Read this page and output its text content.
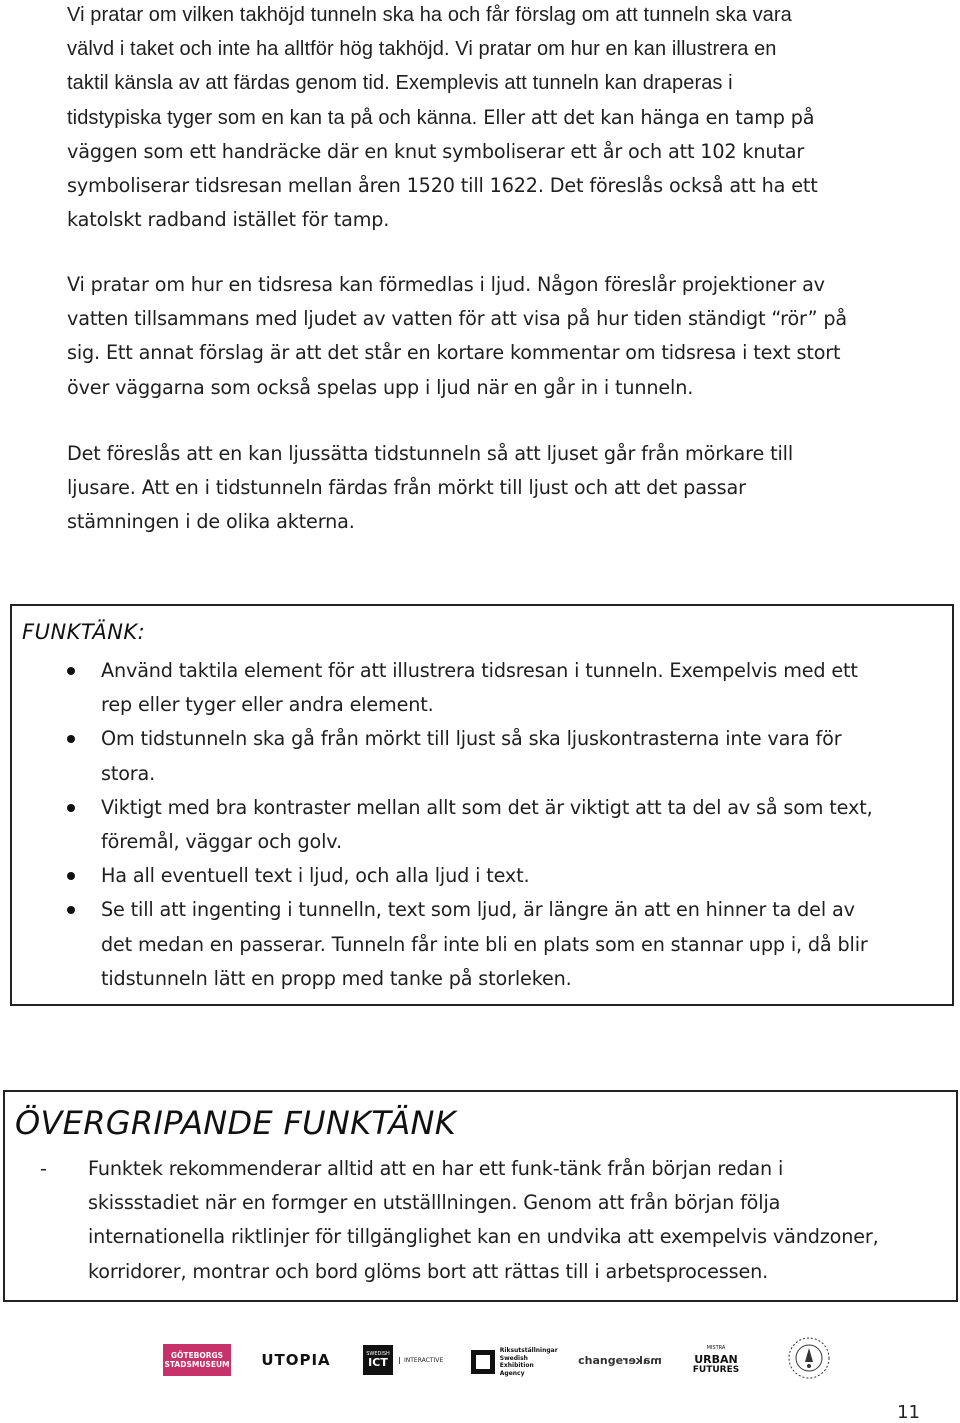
Vi pratar om vilken takhöjd tunneln ska ha och får förslag om att tunneln ska vara
välvd i taket och inte ha alltför hög takhöjd. Vi pratar om hur en kan illustrera en
taktil känsla av att färdas genom tid. Exemplevis att tunneln kan draperas i
tidstypiska tyger som en kan ta på och känna. Eller att det kan hänga en tamp på
väggen som ett handräcke där en knut symboliserar ett år och att 102 knutar
symboliserar tidsresan mellan åren 1520 till 1622. Det föreslås också att ha ett
katolskt radband istället för tamp.
Vi pratar om hur en tidsresa kan förmedlas i ljud. Någon föreslår projektioner av
vatten tillsammans med ljudet av vatten för att visa på hur tiden ständigt “rör” på
sig. Ett annat förslag är att det står en kortare kommentar om tidsresa i text stort
över väggarna som också spelas upp i ljud när en går in i tunneln.
Det föreslås att en kan ljussätta tidstunneln så att ljuset går från mörkare till
ljusare. Att en i tidstunneln färdas från mörkt till ljust och att det passar
stämningen i de olika akterna.
FUNKTÄNK:
Använd taktila element för att illustrera tidsresan i tunneln. Exempelvis med ett
rep eller tyger eller andra element.
Om tidstunneln ska gå från mörkt till ljust så ska ljuskontrasterna inte vara för
stora.
Viktigt med bra kontraster mellan allt som det är viktigt att ta del av så som text,
föremål, väggar och golv.
Ha all eventuell text i ljud, och alla ljud i text.
Se till att ingenting i tunnelln, text som ljud, är längre än att en hinner ta del av
det medan en passerar. Tunneln får inte bli en plats som en stannar upp i, då blir
tidstunneln lätt en propp med tanke på storleken.
ÖVERGRIPANDE FUNKTÄNK
- Funktek rekommenderar alltid att en har ett funk-tänk från början redan i
skissstadiet när en formger en utställlningen. Genom att från början följa
internationella riktlinjer för tillgänglighet kan en undvika att exempelvis vändzoner,
korridorer, montrar och bord glöms bort att rättas till i arbetsprocessen.
GÖTEBORGS
STADSMUSEUM UTOPIA	SWEDISH
ICT	INTERACTIVE
Riksutställningar
Swedish Exhibition
Agency
change maker
MISTRA
URBAN
FUTURES
11
